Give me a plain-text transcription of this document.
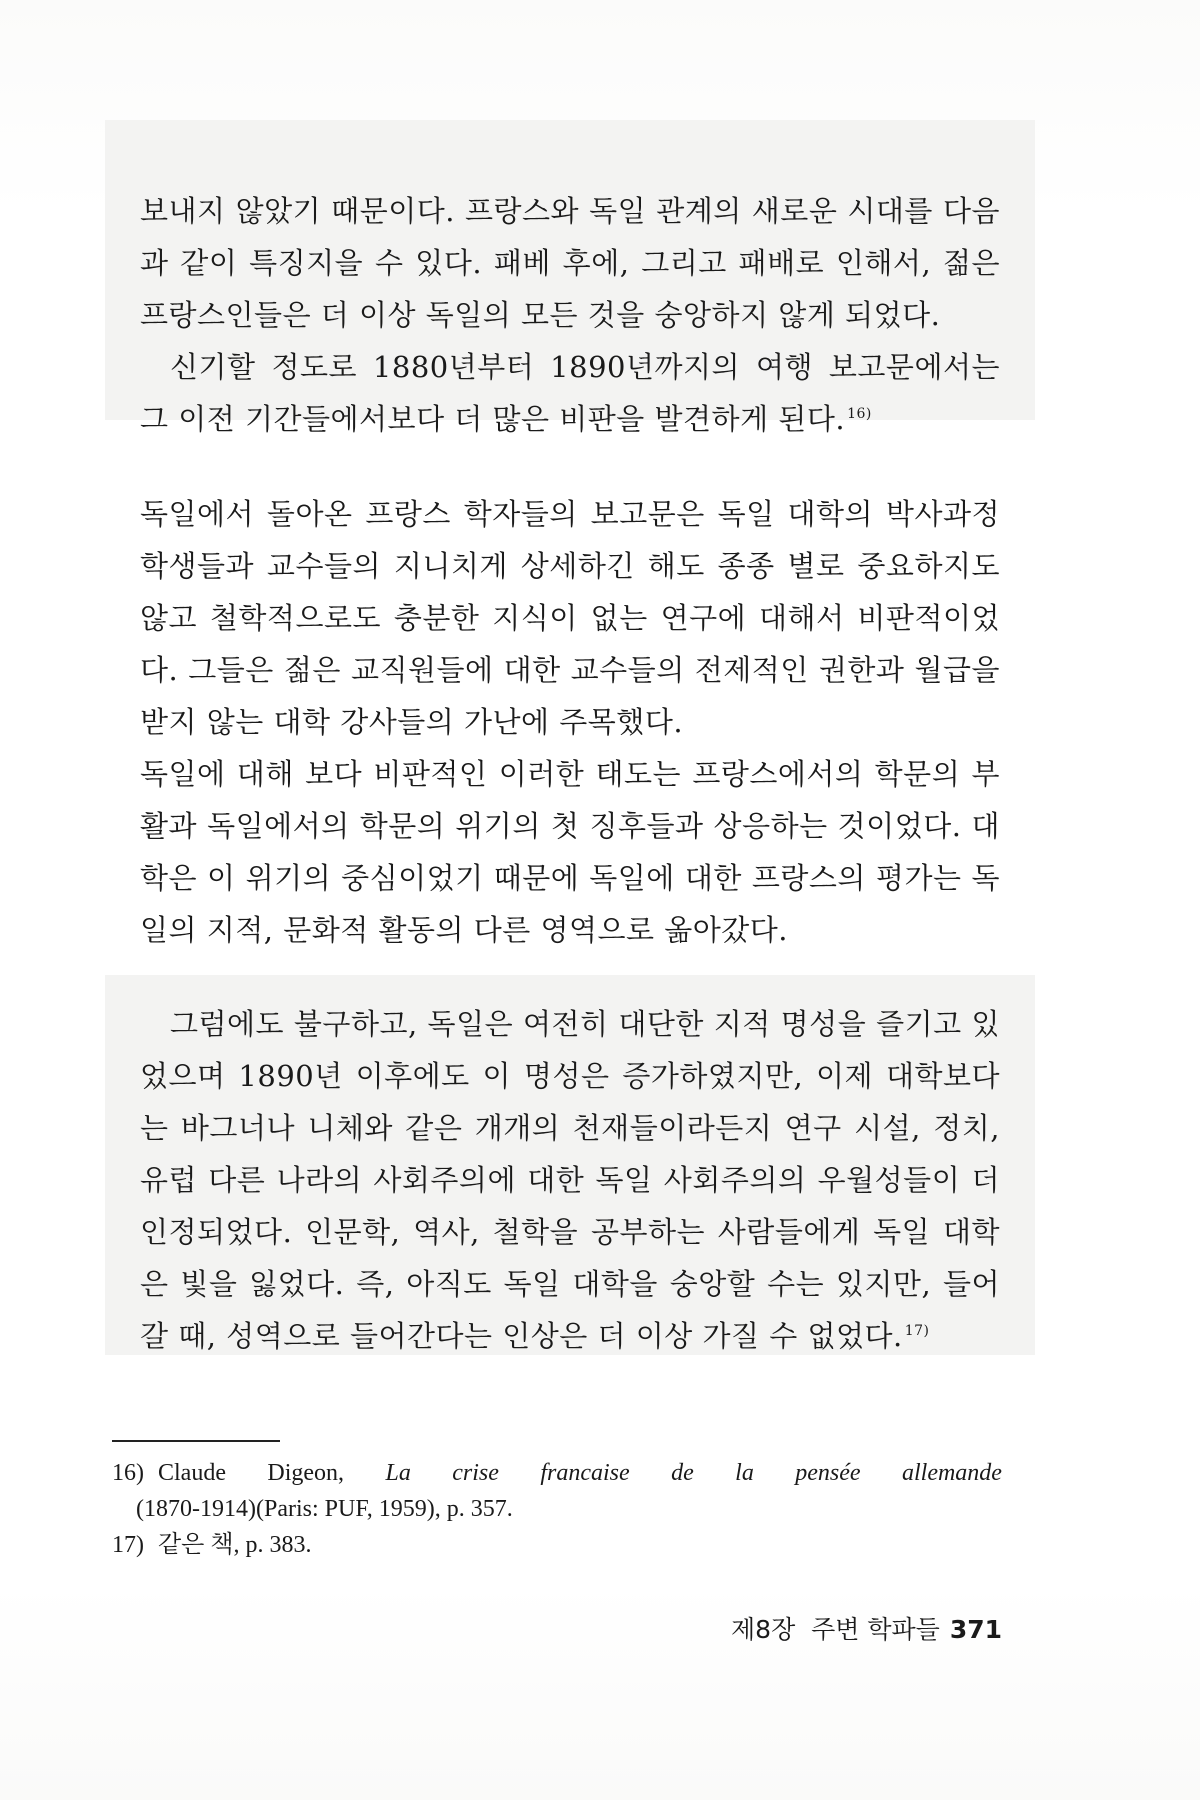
보내지 않았기 때문이다. 프랑스와 독일 관계의 새로운 시대를 다음과 같이 특징지을 수 있다. 패베 후에, 그리고 패배로 인해서, 젊은 프랑스인들은 더 이상 독일의 모든 것을 숭앙하지 않게 되었다.

신기할 정도로 1880년부터 1890년까지의 여행 보고문에서는 그 이전 기간들에서보다 더 많은 비판을 발견하게 된다. $^{16)}$

독일에서 돌아온 프랑스 학자들의 보고문은 독일 대학의 박사과정 학생들과 교수들의 지니치게 상세하긴 해도 종종 별로 중요하지도 않고 철학적으로도 충분한 지식이 없는 연구에 대해서 비판적이었다. 그들은 젊은 교직원들에 대한 교수들의 전제적인 권한과 월급을 받지 않는 대학 강사들의 가난에 주목했다.

독일에 대해 보다 비판적인 이러한 태도는 프랑스에서의 학문의 부활과 독일에서의 학문의 위기의 첫 징후들과 상응하는 것이었다. 대학은 이 위기의 중심이었기 때문에 독일에 대한 프랑스의 평가는 독일의 지적, 문화적 활동의 다른 영역으로 옮아갔다.

그럼에도 불구하고, 독일은 여전히 대단한 지적 명성을 즐기고 있었으며 1890년 이후에도 이 명성은 증가하였지만, 이제 대학보다는 바그너나 니체와 같은 개개의 천재들이라든지 연구 시설, 정치, 유럽 다른 나라의 사회주의에 대한 독일 사회주의의 우월성들이 더 인정되었다. 인문학, 역사, 철학을 공부하는 사람들에게 독일 대학은 빛을 잃었다. 즉, 아직도 독일 대학을 숭앙할 수는 있지만, 들어갈 때, 성역으로 들어간다는 인상은 더 이상 가질 수 없었다. $^{17)}$

16) Claude Digeon, La crise francaise de la pensée allemande
(1870-1914)(Paris: PUF, 1959), p. 357.
17) 같은 책, p. 383.
제8장  주변 학파들 371
